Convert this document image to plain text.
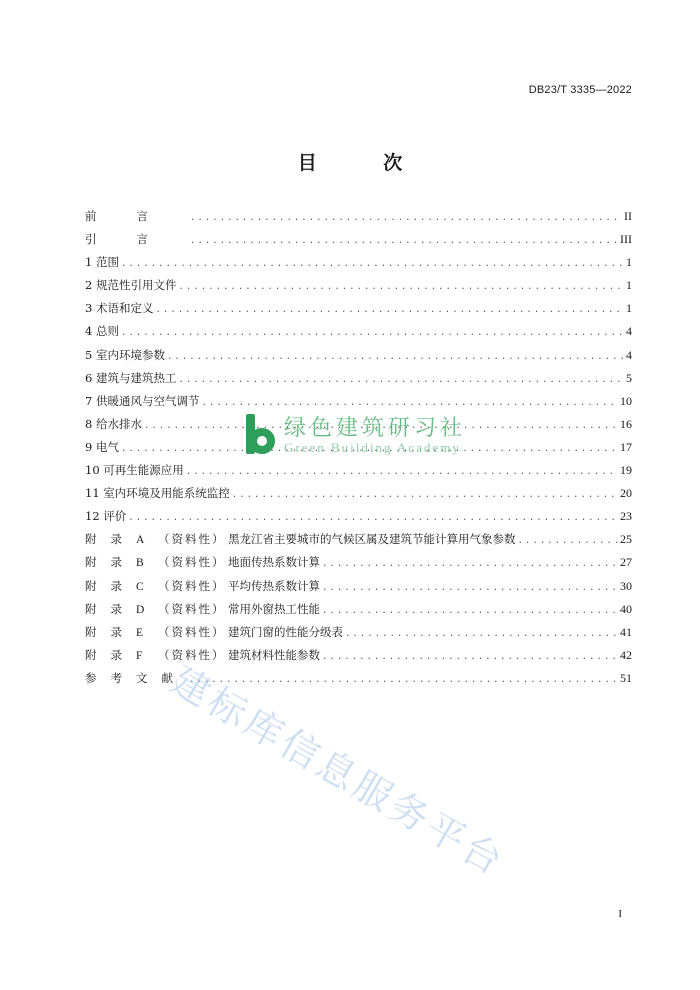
DB23/T 3335—2022
目 次
前言 .....	II
引言 .....	III
1 范围 .....	1
2 规范性引用文件 .....	1
3 术语和定义 .....	1
4 总则 .....	4
5 室内环境参数 .....	4
6 建筑与建筑热工 .....	5
7 供暖通风与空气调节 .....	10
8 给水排水 .....	16
9 电气 .....	17
10 可再生能源应用 .....	19
11 室内环境及用能系统监控 .....	20
12 评价 .....	23
附录A （资料性） 黑龙江省主要城市的气候区属及建筑节能计算用气象参数 .....	25
附录B （资料性） 地面传热系数计算 .....	27
附录C （资料性） 平均传热系数计算 .....	30
附录D （资料性） 常用外窗热工性能 .....	40
附录E （资料性） 建筑门窗的性能分级表 .....	41
附录F （资料性） 建筑材料性能参数 .....	42
参考文献 .....	51
绿色建筑研习社
Green Building Academy
建标库信息服务平台
I
